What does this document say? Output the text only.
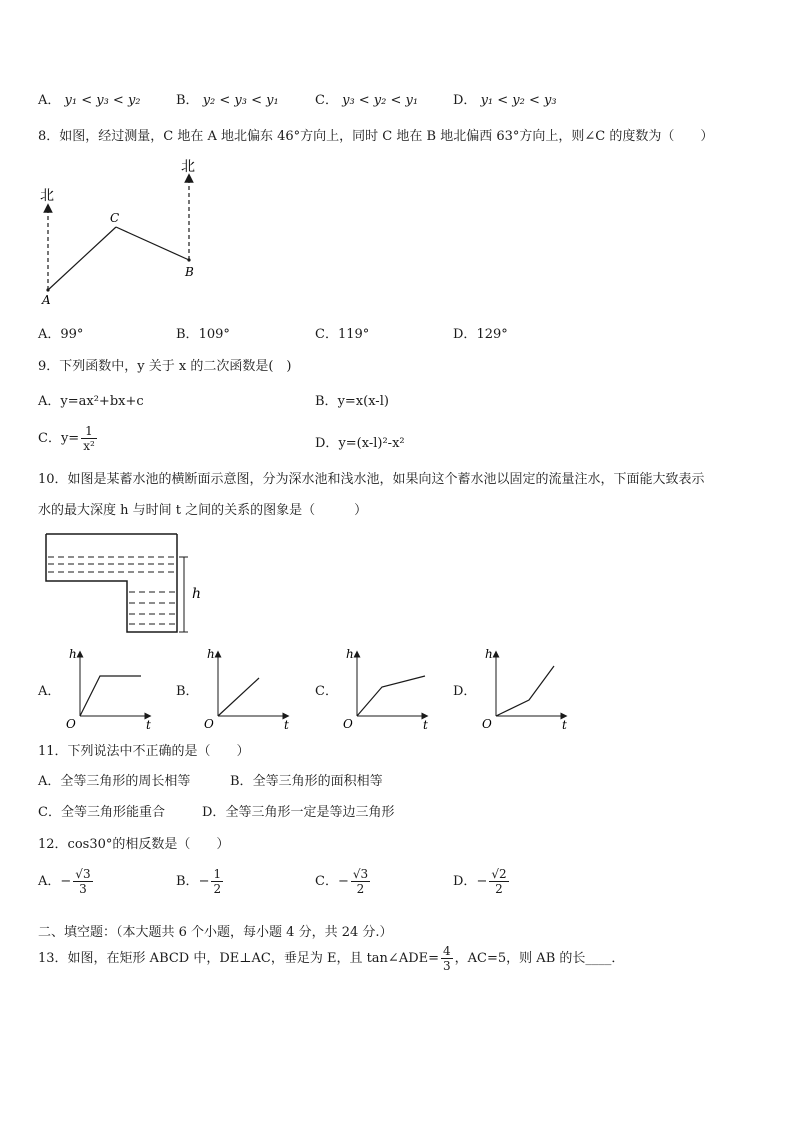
A． y₁ < y₃ < y₂	B． y₂ < y₃ < y₁	C． y₃ < y₂ < y₁	D． y₁ < y₂ < y₃
8．如图，经过测量，C 地在 A 地北偏东 46°方向上，同时 C 地在 B 地北偏西 63°方向上，则∠C 的度数为（　　）
北
北
A
C
B
A．99°	B．109°	C．119°	D．129°
9．下列函数中，y 关于 x 的二次函数是(　)
A．y=ax²+bx+c	B．y=x(x-l)
C．$y= \frac{1}{\text{x²}}$	D．y=(x-l)²-x²
10．如图是某蓄水池的横断面示意图，分为深水池和浅水池，如果向这个蓄水池以固定的流量注水，下面能大致表示
水的最大深度 h 与时间 t 之间的关系的图象是（　　　）
h
A．	B．	C．	D．
h
t
O
h
t
O
h
t
O
h
t
O
11．下列说法中不正确的是（　　）
A．全等三角形的周长相等	B．全等三角形的面积相等
C．全等三角形能重合	D．全等三角形一定是等边三角形
12．cos30°的相反数是（　　）
A．− $\frac{√3}{3}$	B．− $\frac{1}{2}$	C．− $\frac{√3}{2}$	D．− $\frac{√2}{2}$
二、填空题：（本大题共 6 个小题，每小题 4 分，共 24 分.）
13．如图，在矩形 ABCD 中，DE⊥AC，垂足为 E，且 tan∠ADE= $\frac{4}{3}$ ，AC=5，则 AB 的长____．
